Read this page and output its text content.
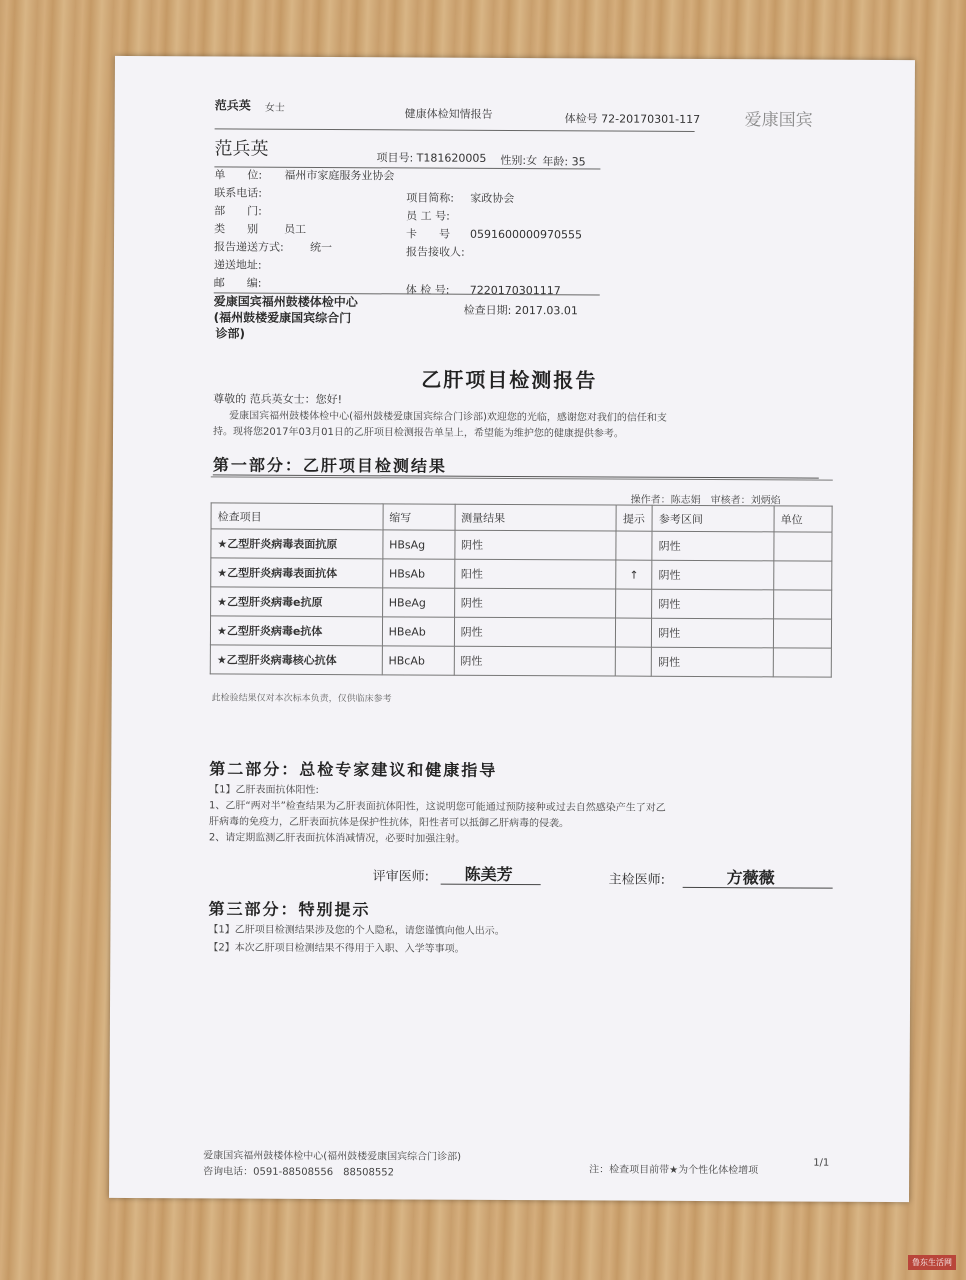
范兵英 女士	健康体检知情报告	体检号 72-20170301-117	爱康国宾
范兵英	项目号: T181620005 性别:女 年龄: 35
单　　位: 福州市家庭服务业协会
联系电话:	项目简称: 家政协会
部　　门:	员 工 号:
类　　别 员工	卡　　号 0591600000970555
报告递送方式: 统一	报告接收人:
递送地址:
邮　　编:
体 检 号: 7220170301117
爱康国宾福州鼓楼体检中心
(福州鼓楼爱康国宾综合门
诊部)
检查日期: 2017.03.01
乙肝项目检测报告
尊敬的 范兵英女士：您好!
爱康国宾福州鼓楼体检中心(福州鼓楼爱康国宾综合门诊部)欢迎您的光临，感谢您对我们的信任和支
持。现将您2017年03月01日的乙肝项目检测报告单呈上，希望能为维护您的健康提供参考。
第一部分：乙肝项目检测结果
操作者：陈志娟　审核者：刘炳焰
检查项目	缩写	测量结果	提示	参考区间	单位
★乙型肝炎病毒表面抗原	HBsAg	阴性		阴性	
★乙型肝炎病毒表面抗体	HBsAb	阳性	↑	阴性	
★乙型肝炎病毒e抗原	HBeAg	阴性		阴性	
★乙型肝炎病毒e抗体	HBeAb	阴性		阴性	
★乙型肝炎病毒核心抗体	HBcAb	阴性		阴性	
此检验结果仅对本次标本负责，仅供临床参考
第二部分：总检专家建议和健康指导
【1】乙肝表面抗体阳性:
1、乙肝“两对半”检查结果为乙肝表面抗体阳性，这说明您可能通过预防接种或过去自然感染产生了对乙
肝病毒的免疫力，乙肝表面抗体是保护性抗体，阳性者可以抵御乙肝病毒的侵袭。
2、请定期监测乙肝表面抗体消减情况，必要时加强注射。
评审医师: 陈美芳	主检医师:	方薇薇
第三部分：特别提示
【1】乙肝项目检测结果涉及您的个人隐私，请您谨慎向他人出示。
【2】本次乙肝项目检测结果不得用于入职、入学等事项。
爱康国宾福州鼓楼体检中心(福州鼓楼爱康国宾综合门诊部)
咨询电话：0591-88508556　88508552	注：检查项目前带★为个性化体检增项
1/1
鲁东生活网
